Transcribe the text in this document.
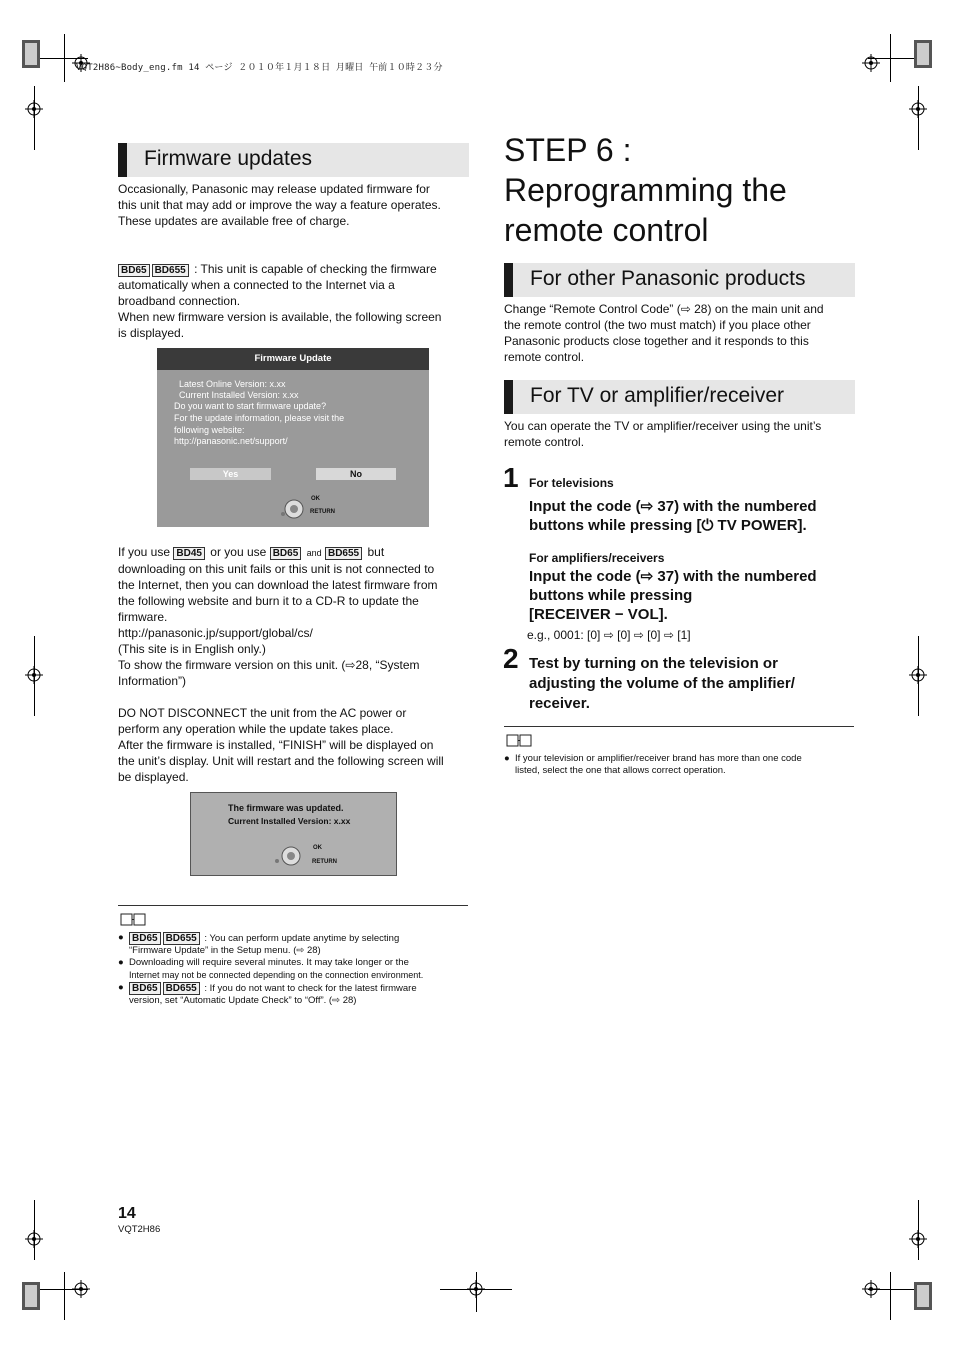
VQT2H86~Body_eng.fm 14 ページ ２０１０年１月１８日 月曜日 午前１０時２３分
Firmware updates
Occasionally, Panasonic may release updated firmware for
this unit that may add or improve the way a feature operates.
These updates are available free of charge.
BD65 BD655 : This unit is capable of checking the firmware
automatically when a connected to the Internet via a
broadband connection.
When new firmware version is available, the following screen
is displayed.
Firmware Update
Latest Online Version: x.xx
Current Installed Version: x.xx
Do you want to start firmware update?
For the update information, please visit the
following website:
http://panasonic.net/support/
Yes	No
OK
RETURN
If you use BD45 or you use BD65 and BD655 but
downloading on this unit fails or this unit is not connected to
the Internet, then you can download the latest firmware from
the following website and burn it to a CD-R to update the
firmware.
http://panasonic.jp/support/global/cs/
(This site is in English only.)
To show the firmware version on this unit. (⇨28, “System
Information”)
DO NOT DISCONNECT the unit from the AC power or
perform any operation while the update takes place.
After the firmware is installed, “FINISH” will be displayed on
the unit’s display. Unit will restart and the following screen will
be displayed.
The firmware was updated.
Current Installed Version: x.xx
OK
RETURN
● BD65 BD655 : You can perform update anytime by selecting
“Firmware Update” in the Setup menu. (⇨ 28)
● Downloading will require several minutes. It may take longer or the
Internet may not be connected depending on the connection environment.
● BD65 BD655 : If you do not want to check for the latest firmware
version, set “Automatic Update Check” to “Off”. (⇨ 28)
STEP 6 :
Reprogramming the
remote control
For other Panasonic products
Change “Remote Control Code” (⇨ 28) on the main unit and
the remote control (the two must match) if you place other
Panasonic products close together and it responds to this
remote control.
For TV or amplifier/receiver
You can operate the TV or amplifier/receiver using the unit’s
remote control.
1 For televisions
Input the code (⇨ 37) with the numbered
buttons while pressing [⏻ TV POWER].
For amplifiers/receivers
Input the code (⇨ 37) with the numbered
buttons while pressing
[RECEIVER − VOL].
e.g., 0001: [0] ⇨ [0] ⇨ [0] ⇨ [1]
2 Test by turning on the television or
adjusting the volume of the amplifier/
receiver.
● If your television or amplifier/receiver brand has more than one code
listed, select the one that allows correct operation.
14
VQT2H86
